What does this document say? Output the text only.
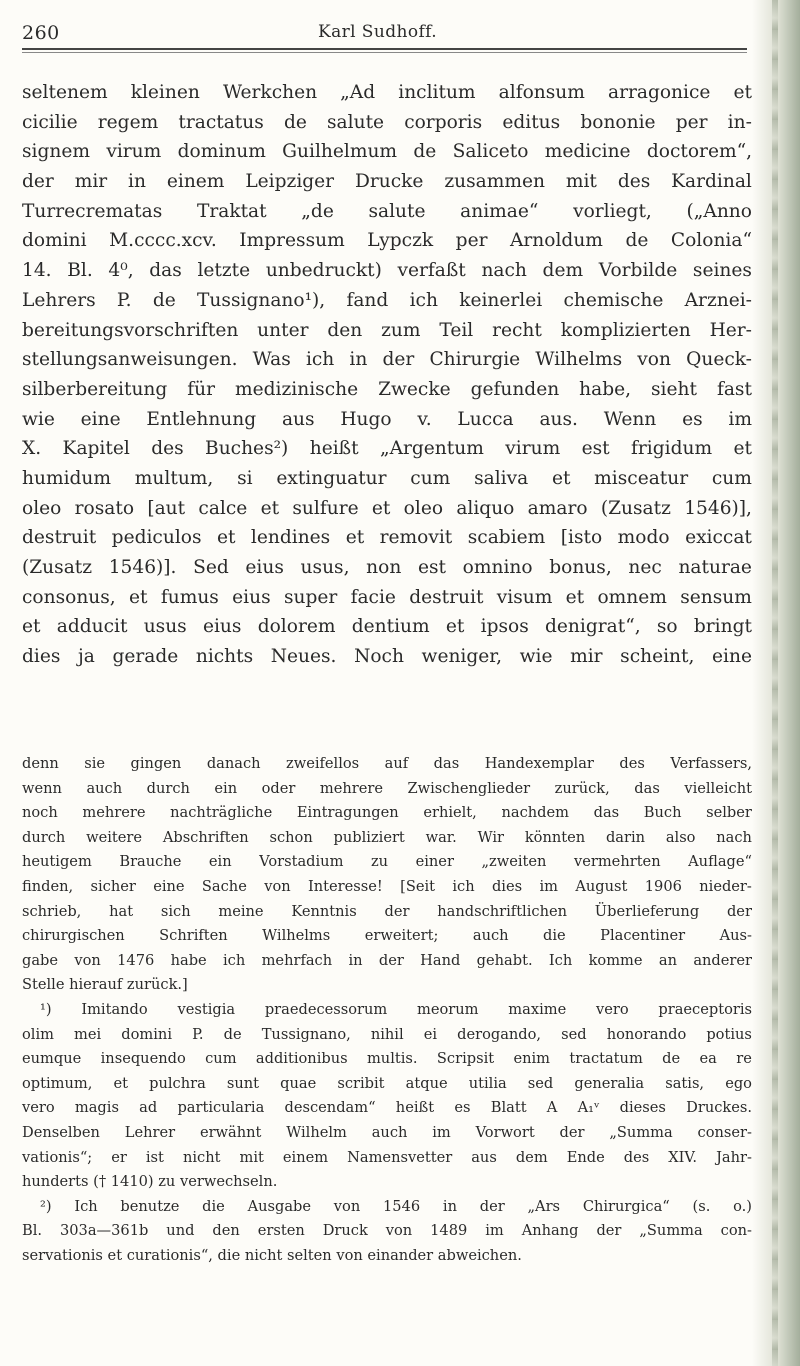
260	Karl Sudhoff.
seltenem kleinen Werkchen „Ad inclitum alfonsum arragonice et
cicilie regem tractatus de salute corporis editus bononie per in-
signem virum dominum Guilhelmum de Saliceto medicine doctorem“,
der mir in einem Leipziger Drucke zusammen mit des Kardinal
Turrecrematas Traktat „de salute animae“ vorliegt, („Anno
domini M.cccc.xcv. Impressum Lypczk per Arnoldum de Colonia“
14. Bl. 4⁰, das letzte unbedruckt) verfaßt nach dem Vorbilde seines
Lehrers P. de Tussignano¹), fand ich keinerlei chemische Arznei-
bereitungsvorschriften unter den zum Teil recht komplizierten Her-
stellungsanweisungen. Was ich in der Chirurgie Wilhelms von Queck-
silberbereitung für medizinische Zwecke gefunden habe, sieht fast
wie eine Entlehnung aus Hugo v. Lucca aus. Wenn es im
X. Kapitel des Buches²) heißt „Argentum virum est frigidum et
humidum multum, si extinguatur cum saliva et misceatur cum
oleo rosato [aut calce et sulfure et oleo aliquo amaro (Zusatz 1546)],
destruit pediculos et lendines et removit scabiem [isto modo exiccat
(Zusatz 1546)]. Sed eius usus, non est omnino bonus, nec naturae
consonus, et fumus eius super facie destruit visum et omnem sensum
et adducit usus eius dolorem dentium et ipsos denigrat“, so bringt
dies ja gerade nichts Neues. Noch weniger, wie mir scheint, eine
denn sie gingen danach zweifellos auf das Handexemplar des Verfassers,
wenn auch durch ein oder mehrere Zwischenglieder zurück, das vielleicht
noch mehrere nachträgliche Eintragungen erhielt, nachdem das Buch selber
durch weitere Abschriften schon publiziert war. Wir könnten darin also nach
heutigem Brauche ein Vorstadium zu einer „zweiten vermehrten Auflage“
finden, sicher eine Sache von Interesse! [Seit ich dies im August 1906 nieder-
schrieb, hat sich meine Kenntnis der handschriftlichen Überlieferung der
chirurgischen Schriften Wilhelms erweitert; auch die Placentiner Aus-
gabe von 1476 habe ich mehrfach in der Hand gehabt. Ich komme an anderer
Stelle hierauf zurück.]
¹) Imitando vestigia praedecessorum meorum maxime vero praeceptoris
olim mei domini P. de Tussignano, nihil ei derogando, sed honorando potius
eumque insequendo cum additionibus multis. Scripsit enim tractatum de ea re
optimum, et pulchra sunt quae scribit atque utilia sed generalia satis, ego
vero magis ad particularia descendam“ heißt es Blatt A A₁ᵛ dieses Druckes.
Denselben Lehrer erwähnt Wilhelm auch im Vorwort der „Summa conser-
vationis“; er ist nicht mit einem Namensvetter aus dem Ende des XIV. Jahr-
hunderts († 1410) zu verwechseln.
²) Ich benutze die Ausgabe von 1546 in der „Ars Chirurgica“ (s. o.)
Bl. 303a—361b und den ersten Druck von 1489 im Anhang der „Summa con-
servationis et curationis“, die nicht selten von einander abweichen.
